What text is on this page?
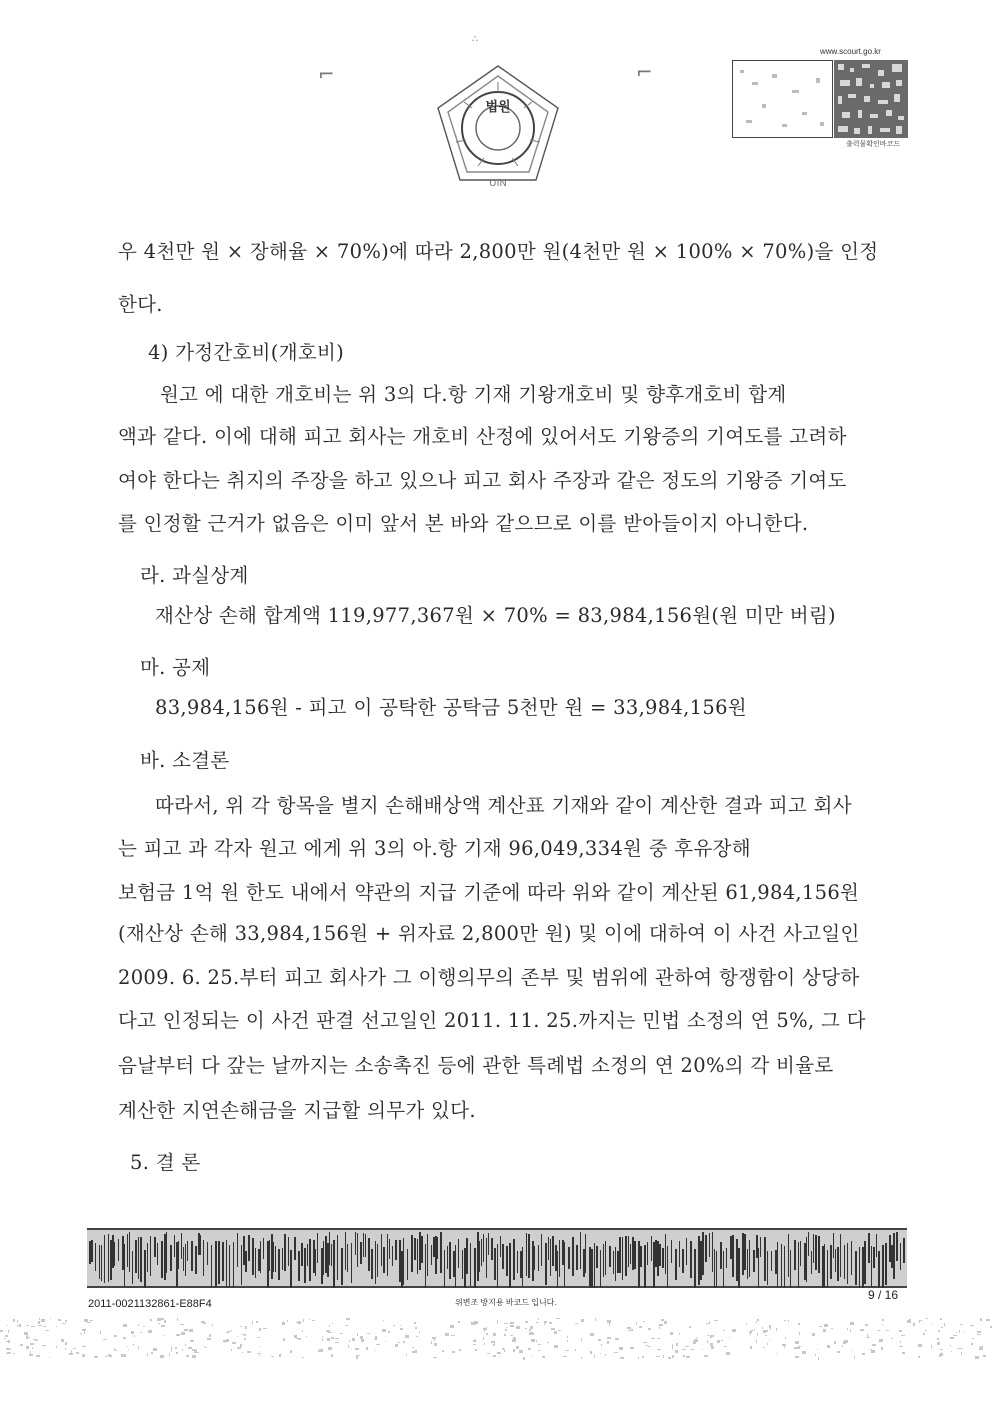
UIN
법원
⌐	⌐
∴
www.scourt.go.kr
출력물확인바코드
우 4천만 원 × 장해율 × 70%)에 따라 2,800만 원(4천만 원 × 100% × 70%)을 인정
한다.
4) 가정간호비(개호비)
원고 에 대한 개호비는 위 3의 다.항 기재 기왕개호비 및 향후개호비 합계
액과 같다. 이에 대해 피고 회사는 개호비 산정에 있어서도 기왕증의 기여도를 고려하
여야 한다는 취지의 주장을 하고 있으나 피고 회사 주장과 같은 정도의 기왕증 기여도
를 인정할 근거가 없음은 이미 앞서 본 바와 같으므로 이를 받아들이지 아니한다.
라. 과실상계
재산상 손해 합계액 119,977,367원 × 70% = 83,984,156원(원 미만 버림)
마. 공제
83,984,156원 - 피고 이 공탁한 공탁금 5천만 원 = 33,984,156원
바. 소결론
따라서, 위 각 항목을 별지 손해배상액 계산표 기재와 같이 계산한 결과 피고 회사
는 피고 과 각자 원고 에게 위 3의 아.항 기재 96,049,334원 중 후유장해
보험금 1억 원 한도 내에서 약관의 지급 기준에 따라 위와 같이 계산된 61,984,156원
(재산상 손해 33,984,156원 + 위자료 2,800만 원) 및 이에 대하여 이 사건 사고일인
2009. 6. 25.부터 피고 회사가 그 이행의무의 존부 및 범위에 관하여 항쟁함이 상당하
다고 인정되는 이 사건 판결 선고일인 2011. 11. 25.까지는 민법 소정의 연 5%, 그 다
음날부터 다 갚는 날까지는 소송촉진 등에 관한 특례법 소정의 연 20%의 각 비율로
계산한 지연손해금을 지급할 의무가 있다.
5. 결 론
2011-0021132861-E88F4	위변조 방지용 바코드 입니다.
9 / 16
